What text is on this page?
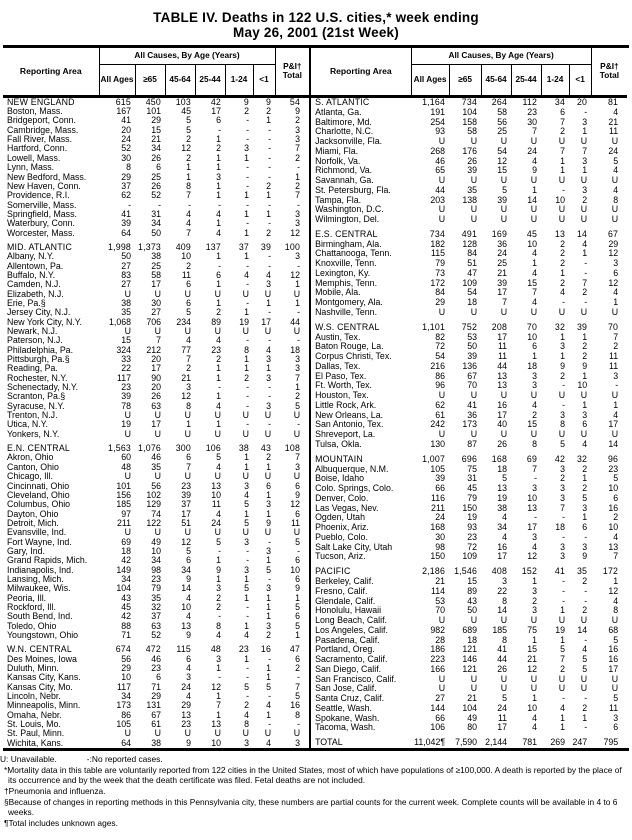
TABLE IV. Deaths in 122 U.S. cities,* week ending
May 26, 2001 (21st Week)
Reporting Area	All Causes, By Age (Years)						P&I†
Total
	All Ages	≥65	45-64	25-44	1-24	<1	
NEW ENGLAND	615	450	103	42	9	9	54
Boston, Mass.	167	101	45	17	2	2	9
Bridgeport, Conn.	41	29	5	6	-	1	2
Cambridge, Mass.	20	15	5	-	-	-	3
Fall River, Mass.	24	21	2	1	-	-	3
Hartford, Conn.	52	34	12	2	3	-	7
Lowell, Mass.	30	26	2	1	1	-	2
Lynn, Mass.	8	6	1	1	-	-	-
New Bedford, Mass.	29	25	1	3	-	-	1
New Haven, Conn.	37	26	8	1	-	2	2
Providence, R.I.	62	52	7	1	1	1	7
Somerville, Mass.	-	-	-	-	-	-	-
Springfield, Mass.	41	31	4	4	1	1	3
Waterbury, Conn.	39	34	4	1	-	-	3
Worcester, Mass.	64	50	7	4	1	2	12

MID. ATLANTIC	1,998	1,373	409	137	37	39	100
Albany, N.Y.	50	38	10	1	1	-	3
Allentown, Pa.	27	25	2	-	-	-	-
Buffalo, N.Y.	83	58	11	6	4	4	12
Camden, N.J.	27	17	6	1	-	3	1
Elizabeth, N.J.	U	U	U	U	U	U	U
Erie, Pa.§	38	30	6	1	-	1	1
Jersey City, N.J.	35	27	5	2	1	-	-
New York City, N.Y.	1,068	706	234	89	19	17	44
Newark, N.J.	U	U	U	U	U	U	U
Paterson, N.J.	15	7	4	4	-	-	-
Philadelphia, Pa.	324	212	77	23	8	4	18
Pittsburgh, Pa.§	33	20	7	2	1	3	3
Reading, Pa.	22	17	2	1	1	1	3
Rochester, N.Y.	117	90	21	1	2	3	7
Schenectady, N.Y.	23	20	3	-	-	-	1
Scranton, Pa.§	39	26	12	1	-	-	2
Syracuse, N.Y.	78	63	8	4	-	3	5
Trenton, N.J.	U	U	U	U	U	U	U
Utica, N.Y.	19	17	1	1	-	-	-
Yonkers, N.Y.	U	U	U	U	U	U	U

E.N. CENTRAL	1,563	1,076	300	106	38	43	108
Akron, Ohio	60	46	6	5	1	2	7
Canton, Ohio	48	35	7	4	1	1	3
Chicago, Ill.	U	U	U	U	U	U	U
Cincinnati, Ohio	101	56	23	13	3	6	6
Cleveland, Ohio	156	102	39	10	4	1	9
Columbus, Ohio	185	129	37	11	5	3	12
Dayton, Ohio	97	74	17	4	1	1	6
Detroit, Mich.	211	122	51	24	5	9	11
Evansville, Ind.	U	U	U	U	U	U	U
Fort Wayne, Ind.	69	49	12	5	3	-	5
Gary, Ind.	18	10	5	-	-	3	-
Grand Rapids, Mich.	42	34	6	1	-	1	6
Indianapolis, Ind.	149	98	34	9	3	5	10
Lansing, Mich.	34	23	9	1	1	-	6
Milwaukee, Wis.	104	79	14	3	5	3	9
Peoria, Ill.	43	35	4	2	1	1	1
Rockford, Ill.	45	32	10	2	-	1	5
South Bend, Ind.	42	37	4	-	-	1	6
Toledo, Ohio	88	63	13	8	1	3	5
Youngstown, Ohio	71	52	9	4	4	2	1

W.N. CENTRAL	674	472	115	48	23	16	47
Des Moines, Iowa	56	46	6	3	1	-	6
Duluth, Minn.	29	23	4	1	-	1	2
Kansas City, Kans.	10	6	3	-	-	1	-
Kansas City, Mo.	117	71	24	12	5	5	7
Lincoln, Nebr.	34	29	4	1	-	-	5
Minneapolis, Minn.	173	131	29	7	2	4	16
Omaha, Nebr.	86	67	13	1	4	1	8
St. Louis, Mo.	105	61	23	13	8	-	-
St. Paul, Minn.	U	U	U	U	U	U	U
Wichita, Kans.	64	38	9	10	3	4	3
Reporting Area	All Causes, By Age (Years)						P&I†
Total
	All Ages	≥65	45-64	25-44	1-24	<1	
S. ATLANTIC	1,164	734	264	112	34	20	81
Atlanta, Ga.	191	104	58	23	6	-	4
Baltimore, Md.	254	158	56	30	7	3	21
Charlotte, N.C.	93	58	25	7	2	1	11
Jacksonville, Fla.	U	U	U	U	U	U	U
Miami, Fla.	268	176	54	24	7	7	24
Norfolk, Va.	46	26	12	4	1	3	5
Richmond, Va.	65	39	15	9	1	1	4
Savannah, Ga.	U	U	U	U	U	U	U
St. Petersburg, Fla.	44	35	5	1	-	3	4
Tampa, Fla.	203	138	39	14	10	2	8
Washington, D.C.	U	U	U	U	U	U	U
Wilmington, Del.	U	U	U	U	U	U	U

E.S. CENTRAL	734	491	169	45	13	14	67
Birmingham, Ala.	182	128	36	10	2	4	29
Chattanooga, Tenn.	115	84	24	4	2	1	12
Knoxville, Tenn.	79	51	25	1	2	-	3
Lexington, Ky.	73	47	21	4	1	-	6
Memphis, Tenn.	172	109	39	15	2	7	12
Mobile, Ala.	84	54	17	7	4	2	4
Montgomery, Ala.	29	18	7	4	-	-	1
Nashville, Tenn.	U	U	U	U	U	U	U

W.S. CENTRAL	1,101	752	208	70	32	39	70
Austin, Tex.	82	53	17	10	1	1	7
Baton Rouge, La.	72	50	11	6	3	2	2
Corpus Christi, Tex.	54	39	11	1	1	2	11
Dallas, Tex.	216	136	44	18	9	9	11
El Paso, Tex.	86	67	13	3	2	1	3
Ft. Worth, Tex.	96	70	13	3	-	10	-
Houston, Tex.	U	U	U	U	U	U	U
Little Rock, Ark.	62	41	16	4	-	1	1
New Orleans, La.	61	36	17	2	3	3	4
San Antonio, Tex.	242	173	40	15	8	6	17
Shreveport, La.	U	U	U	U	U	U	U
Tulsa, Okla.	130	87	26	8	5	4	14

MOUNTAIN	1,007	696	168	69	42	32	96
Albuquerque, N.M.	105	75	18	7	3	2	23
Boise, Idaho	39	31	5	-	2	1	5
Colo. Springs, Colo.	66	45	13	3	3	2	10
Denver, Colo.	116	79	19	10	3	5	6
Las Vegas, Nev.	211	150	38	13	7	3	16
Ogden, Utah	24	19	4	-	-	1	2
Phoenix, Ariz.	168	93	34	17	18	6	10
Pueblo, Colo.	30	23	4	3	-	-	4
Salt Lake City, Utah	98	72	16	4	3	3	13
Tucson, Ariz.	150	109	17	12	3	9	7

PACIFIC	2,186	1,546	408	152	41	35	172
Berkeley, Calif.	21	15	3	1	-	2	1
Fresno, Calif.	114	89	22	3	-	-	12
Glendale, Calif.	53	43	8	2	-	-	4
Honolulu, Hawaii	70	50	14	3	1	2	8
Long Beach, Calif.	U	U	U	U	U	U	U
Los Angeles, Calif.	982	689	185	75	19	14	68
Pasadena, Calif.	28	18	8	1	1	-	5
Portland, Oreg.	186	121	41	15	5	4	16
Sacramento, Calif.	223	146	44	21	7	5	16
San Diego, Calif.	166	121	26	12	2	5	17
San Francisco, Calif.	U	U	U	U	U	U	U
San Jose, Calif.	U	U	U	U	U	U	U
Santa Cruz, Calif.	27	21	5	1	-	-	5
Seattle, Wash.	144	104	24	10	4	2	11
Spokane, Wash.	66	49	11	4	1	1	3
Tacoma, Wash.	106	80	17	4	1	-	6

TOTAL	11,042¶	7,590	2,144	781	269	247	795
U: Unavailable.	-:No reported cases.
*Mortality data in this table are voluntarily reported from 122 cities in the United States, most of which have populations of ≥100,000. A death is reported by the place of its occurrence and by the week that the death certificate was filed. Fetal deaths are not included.
†Pneumonia and influenza.
§Because of changes in reporting methods in this Pennsylvania city, these numbers are partial counts for the current week. Complete counts will be available in 4 to 6 weeks.
¶Total includes unknown ages.
